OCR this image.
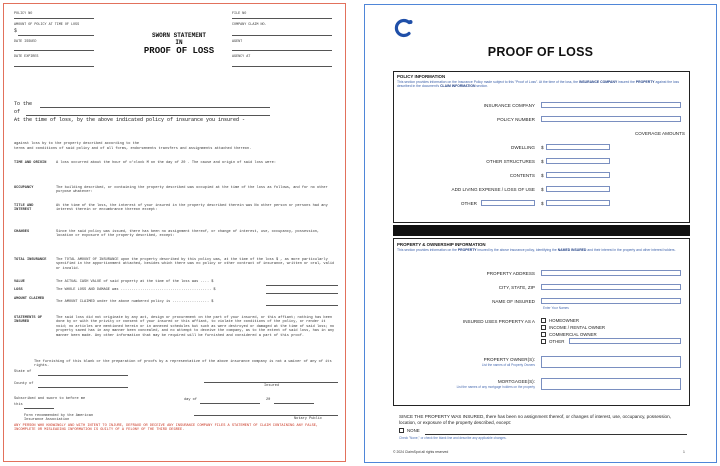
POLICY NO	FILE NO
AMOUNT OF POLICY AT TIME OF LOSS	COMPANY CLAIM NO.
$
DATE ISSUED	AGENT
DATE EXPIRES	AGENCY AT
SWORN STATEMENT
IN
PROOF OF LOSS
To the
of
At the time of loss, by the above indicated policy of insurance you insured -
against loss by to the property described according to the
terms and conditions of said policy and of all forms, endorsements transfers and assignments attached thereon.
TIME AND ORIGIN	A loss occurred about the hour of o'clock M on the day of 20 . The cause and origin of said loss were:
OCCUPANCY	The building described, or containing the property described was occupied at the time of the loss as follows, and for no other purpose whatever:
TITLE AND INTEREST
At the time of the loss, the interest of your insured in the property described therein was No other person or persons had any interest therein or encumbrance thereon except:
CHANGES	Since the said policy was issued, there has been no assignment thereof, or change of interest, use, occupancy, possession, location or exposure of the property described, except:
TOTAL INSURANCE	The TOTAL AMOUNT OF INSURANCE upon the property described by this policy was, at the time of the loss $ , as more particularly specified in the apportionment attached, besides which there was no policy or other contract of insurance, written or oral, valid or invalid.
VALUE	The ACTUAL CASH VALUE of said property at the time of the loss was .... $
LOSS	The WHOLE LOSS AND DAMAGE was .......................................... $
AMOUNT CLAIMED
The AMOUNT CLAIMED under the above numbered policy is ................. $
STATEMENTS OF INSURED
The said loss did not originate by any act, design or procurement on the part of your insured, or this affiant; nothing has been done by or with the privity or consent of your insured or this affiant, to violate the conditions of the policy, or render it void; no articles are mentioned herein or in annexed schedules but such as were destroyed or damaged at the time of said loss; no property saved has in any manner been concealed, and no attempt to deceive the company, as to the extent of said loss, has in any manner been made. Any other information that may be required will be furnished and considered a part of this proof.
The furnishing of this blank or the preparation of proofs by a representative of the above insurance company is not a waiver of any of its rights.
State of
County of	Insured
Subscribed and sworn to before me
this
day of	20
Form recommended by the American Insurance Association	Notary Public
ANY PERSON WHO KNOWINGLY AND WITH INTENT TO INJURE, DEFRAUD OR DECEIVE ANY INSURANCE COMPANY FILES A STATEMENT OF CLAIM CONTAINING ANY FALSE, INCOMPLETE OR MISLEADING INFORMATION IS GUILTY OF A FELONY OF THE THIRD DEGREE.
PROOF OF LOSS
POLICY INFORMATION
This section provides information on the Insurance Policy made subject to this "Proof of Loss". At the time of the loss, the INSURANCE COMPANY insured the PROPERTY against the loss described in the document's CLAIM INFORMATION section.
INSURANCE COMPANY
POLICY NUMBER
COVERAGE AMOUNTS
DWELLING $
OTHER STRUCTURES $
CONTENTS $
ADD LIVING EXPENSE / LOSS OF USE $
OTHER	$
PROPERTY & OWNERSHIP INFORMATION
This section provides information on the PROPERTY insured by the above insurance policy, identifying the NAMED INSURED and their interest in the property and other interest holders.
PROPERTY ADDRESS
CITY, STATE, ZIP
NAME OF INSURED
Enter Your Names
INSURED USES PROPERTY AS A	HOMEOWNER
INCOME / RENTAL OWNER
COMMERCIAL OWNER
OTHER
PROPERTY OWNER(S):
List the names of all Property Owners
MORTGAGEE(S):
List the names of any mortgage holders on the property
SINCE THE PROPERTY WAS INSURED, there has been no assignment thereof, or changes of interest, use, occupancy, possession, location, or exposure of the property described, except:
NONE
Check "None," or check the blank line and describe any applicable changes.
© 2024 ClaimSpot all rights reserved	1
